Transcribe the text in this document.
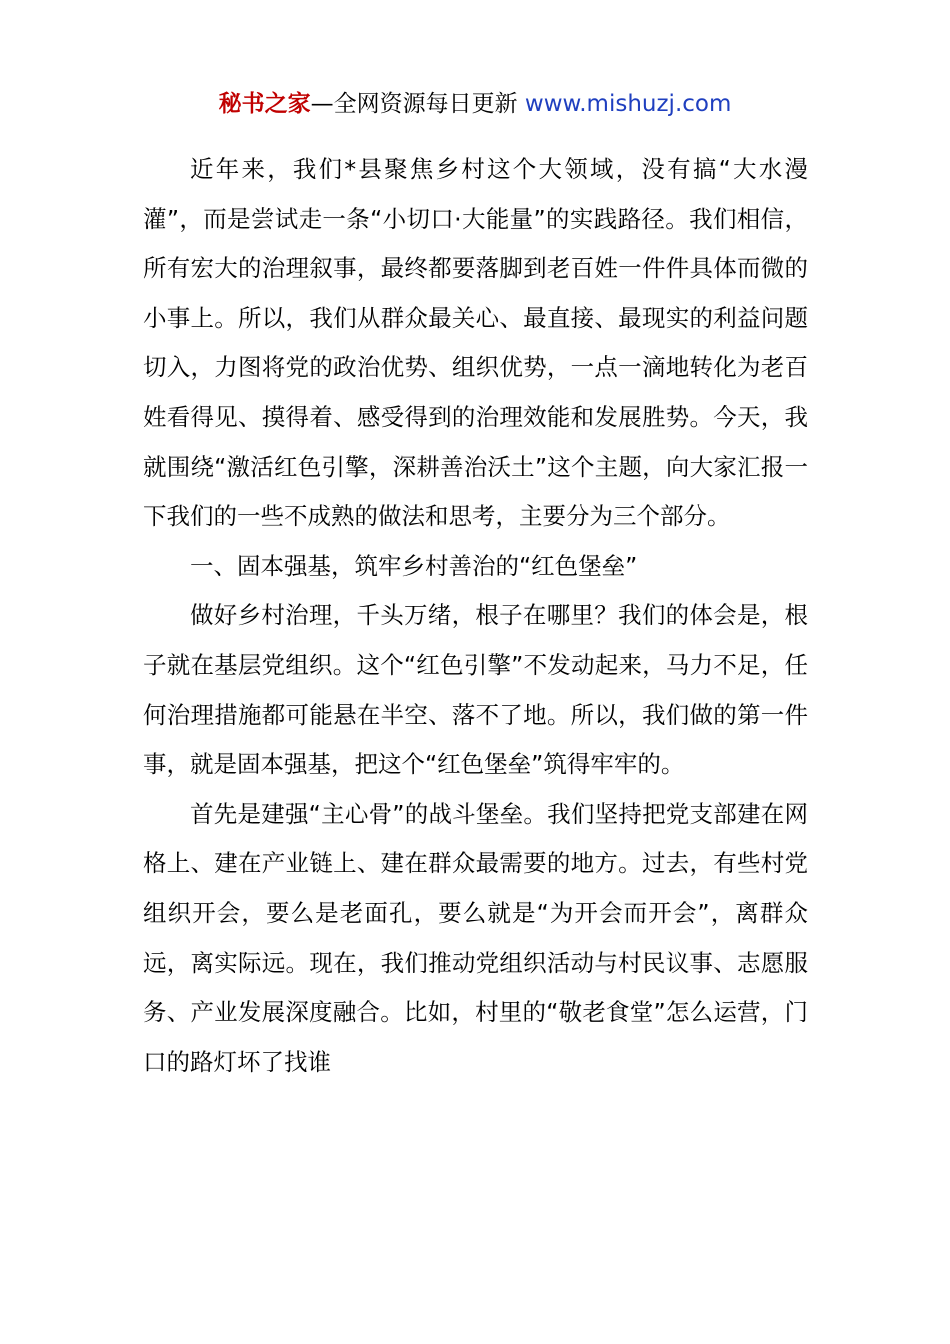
秘书之家—全网资源每日更新 www.mishuzj.com

近年来，我们*县聚焦乡村这个大领域，没有搞“大水漫灌”，而是尝试走一条“小切口·大能量”的实践路径。我们相信，所有宏大的治理叙事，最终都要落脚到老百姓一件件具体而微的小事上。所以，我们从群众最关心、最直接、最现实的利益问题切入，力图将党的政治优势、组织优势，一点一滴地转化为老百姓看得见、摸得着、感受得到的治理效能和发展胜势。今天，我就围绕“激活红色引擎，深耕善治沃土”这个主题，向大家汇报一下我们的一些不成熟的做法和思考，主要分为三个部分。

一、固本强基，筑牢乡村善治的“红色堡垒”

做好乡村治理，千头万绪，根子在哪里？我们的体会是，根子就在基层党组织。这个“红色引擎”不发动起来，马力不足，任何治理措施都可能悬在半空、落不了地。所以，我们做的第一件事，就是固本强基，把这个“红色堡垒”筑得牢牢的。

首先是建强“主心骨”的战斗堡垒。我们坚持把党支部建在网格上、建在产业链上、建在群众最需要的地方。过去，有些村党组织开会，要么是老面孔，要么就是“为开会而开会”，离群众远，离实际远。现在，我们推动党组织活动与村民议事、志愿服务、产业发展深度融合。比如，村里的“敬老食堂”怎么运营，门口的路灯坏了找谁
